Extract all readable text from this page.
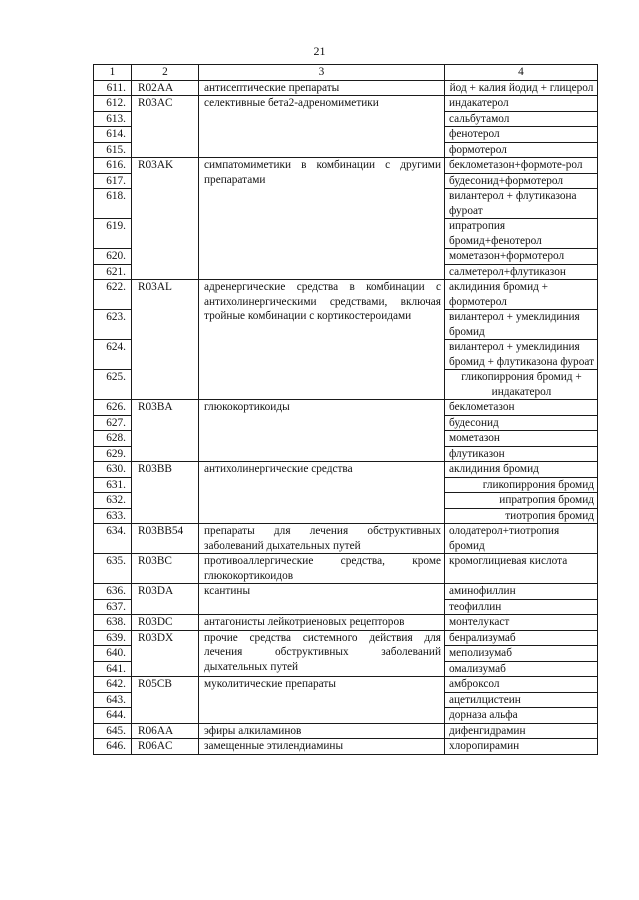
21
1	2	3	4
611.	R02AA	антисептические препараты	йод + калия йодид + глицерол
612.	R03AC	селективные бета2-адреномиметики	индакатерол
613.			сальбутамол
614.			фенотерол
615.			формотерол
616.	R03AK	симпатомиметики в комбинации с другими препаратами	беклометазон+формоте-рол
617.			будесонид+формотерол
618.			вилантерол + флутиказона фуроат
619.			ипратропия бромид+фенотерол
620.			мометазон+формотерол
621.			салметерол+флутиказон
622.	R03AL	адренергические средства в комбинации с антихолинергическими средствами, включая тройные комбинации с кортикостероидами	аклидиния бромид + формотерол
623.			вилантерол + умеклидиния бромид
624.			вилантерол + умеклидиния бромид + флутиказона фуроат
625.			гликопиррония бромид + индакатерол
626.	R03BA	глюкокортикоиды	беклометазон
627.			будесонид
628.			мометазон
629.			флутиказон
630.	R03BB	антихолинергические средства	аклидиния бромид
631.			гликопиррония бромид
632.			ипратропия бромид
633.			тиотропия бромид
634.	R03BB54	препараты для лечения обструктивных заболеваний дыхательных путей	олодатерол+тиотропия бромид
635.	R03BC	противоаллергические средства, кроме глюкокортикоидов	кромоглициевая кислота
636.	R03DA	ксантины	аминофиллин
637.			теофиллин
638.	R03DC	антагонисты лейкотриеновых рецепторов	монтелукаст
639.	R03DX	прочие средства системного действия для лечения обструктивных заболеваний дыхательных путей	бенрализумаб
640.			меполизумаб
641.			омализумаб
642.	R05CB	муколитические препараты	амброксол
643.			ацетилцистеин
644.			дорназа альфа
645.	R06AA	эфиры алкиламинов	дифенгидрамин
646.	R06AC	замещенные этилендиамины	хлоропирамин
